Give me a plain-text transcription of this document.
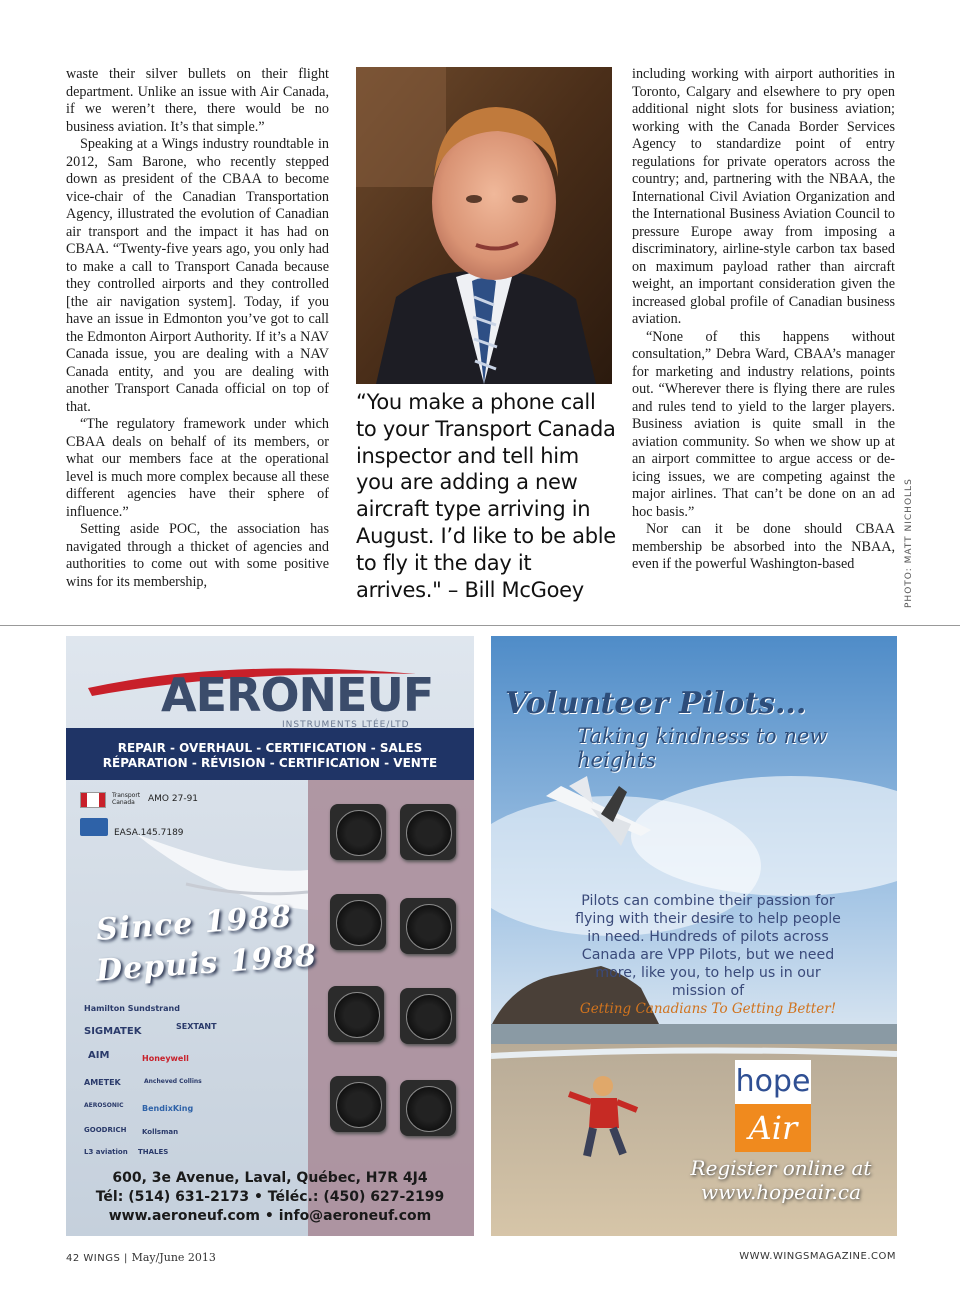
waste their silver bullets on their flight department. Unlike an issue with Air Canada, if we weren’t there, there would be no business aviation. It’s that simple.”

Speaking at a Wings industry roundtable in 2012, Sam Barone, who recently stepped down as president of the CBAA to become vice-chair of the Canadian Transportation Agency, illustrated the evolution of Canadian air transport and the impact it has had on CBAA. “Twenty-five years ago, you only had to make a call to Transport Canada because they controlled airports and they controlled [the air navigation system]. Today, if you have an issue in Edmonton you’ve got to call the Edmonton Airport Authority. If it’s a NAV Canada issue, you are dealing with a NAV Canada entity, and you are dealing with another Transport Canada official on top of that.

“The regulatory framework under which CBAA deals on behalf of its members, or what our members face at the operational level is much more complex because all these different agencies have their sphere of influence.”

Setting aside POC, the association has navigated through a thicket of agencies and authorities to come out with some positive wins for its membership,

“You make a phone call to your Transport Canada inspector and tell him you are adding a new aircraft type arriving in August. I’d like to be able to fly it the day it arrives." – Bill McGoey

including working with airport authorities in Toronto, Calgary and elsewhere to pry open additional night slots for business aviation; working with the Canada Border Services Agency to standardize point of entry regulations for private operators across the country; and, partnering with the NBAA, the International Civil Aviation Organization and the International Business Aviation Council to pressure Europe away from imposing a discriminatory, airline-style carbon tax based on maximum payload rather than aircraft weight, an important consideration given the increased global profile of Canadian business aviation.

“None of this happens without consultation,” Debra Ward, CBAA’s manager for marketing and industry relations, points out. “Wherever there is flying there are rules and rules tend to yield to the larger players. Business aviation is quite small in the aviation community. So when we show up at an airport committee to argue access or de-icing issues, we are competing against the major airlines. That can’t be done on an ad hoc basis.”

Nor can it be done should CBAA membership be absorbed into the NBAA, even if the powerful Washington-based	PHOTO: MATT NICHOLLS
AERONEUF
INSTRUMENTS LTÉE/LTD
REPAIR - OVERHAUL - CERTIFICATION - SALES
RÉPARATION - RÉVISION - CERTIFICATION - VENTE
Transport Canada	AMO 27-91
EASA.145.7189
Since 1988
Depuis 1988
Hamilton Sundstrand
SIGMATEK	SEXTANT
AIM	Honeywell
AMETEK	Ancheved Collins
AEROSONIC BendixKing
GOODRICH Kollsman
L3 aviation THALES
600, 3e Avenue, Laval, Québec, H7R 4J4
Tél: (514) 631-2173 • Téléc.: (450) 627-2199
www.aeroneuf.com • info@aeroneuf.com
Volunteer Pilots...
Taking kindness to new heights
Pilots can combine their passion for flying with their desire to help people in need. Hundreds of pilots across Canada are VPP Pilots, but we need more, like you, to help us in our mission of
Getting Canadians To Getting Better!
hope
Air
Register online at
www.hopeair.ca
42 WINGS | May/June 2013	WWW.WINGSMAGAZINE.COM
